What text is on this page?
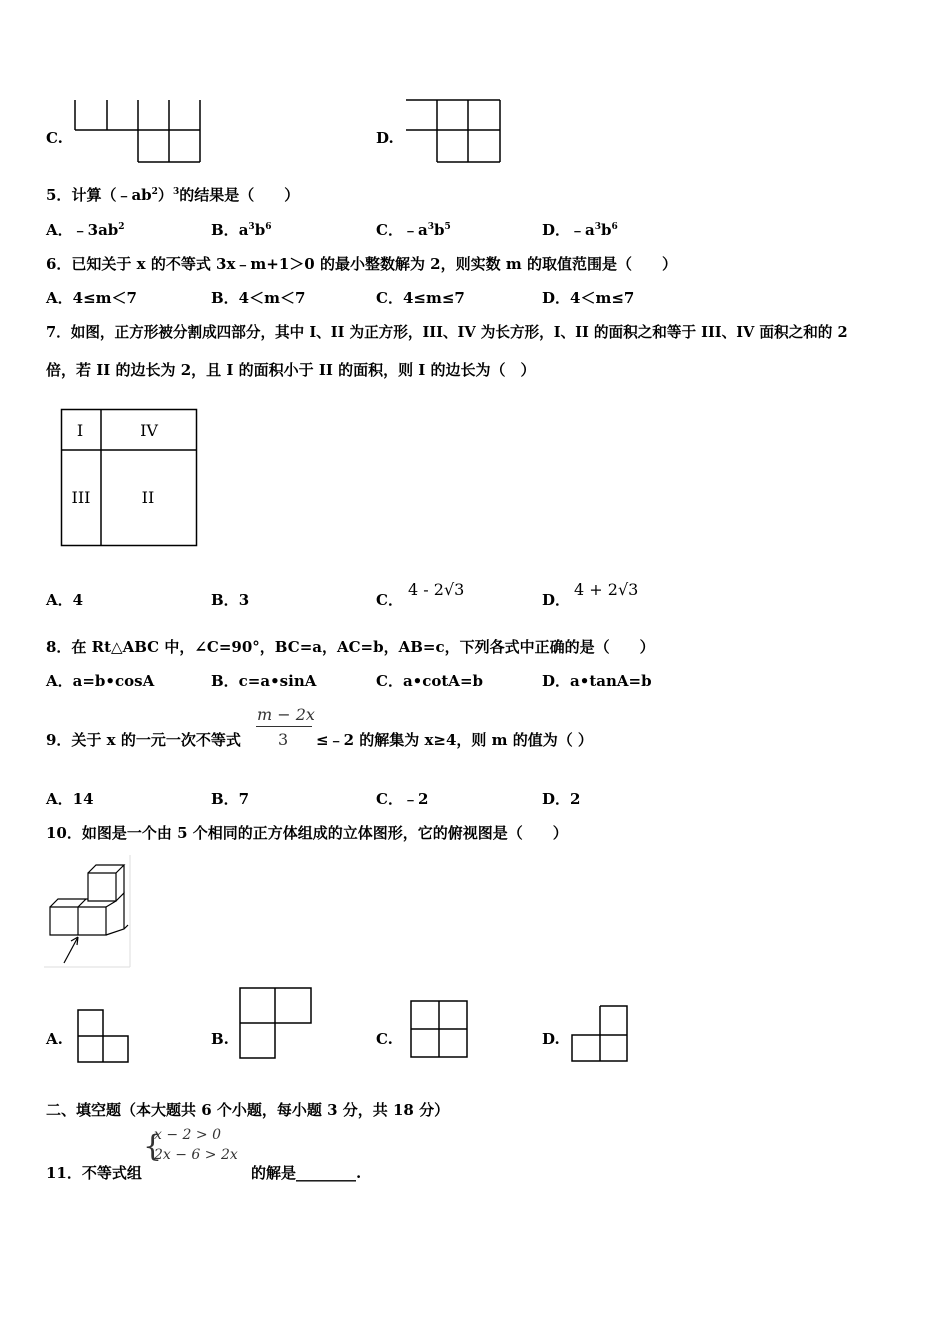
C.	D.
5．计算$(﹣ab^2)^3$的结果是（　　）
A．$﹣3ab^2$	B．$a^3b^6$	C．$﹣a^3b^5$	D．$﹣a^3b^6$
6．已知关于 x 的不等式 3x﹣m+1＞0 的最小整数解为 2，则实数 m 的取值范围是（　　）
A．4≤m＜7	B．4＜m＜7	C．4≤m≤7	D．4＜m≤7
7．如图，正方形被分割成四部分，其中 I、II 为正方形，III、IV 为长方形，I、II 的面积之和等于 III、IV 面积之和的 2
倍，若 II 的边长为 2，且 I 的面积小于 II 的面积，则 I 的边长为（　）
I	IV
III	II
A．4	B．3	C．
4 - 2√3
D．
4 + 2√3
8．在 Rt△ABC 中，∠C=90°，BC=a，AC=b，AB=c，下列各式中正确的是（　　）
A．a=b•cosA	B．c=a•sinA	C．a•cotA=b	D．a•tanA=b
9．关于 x 的一元一次不等式
m − 2x
3 ≤﹣2 的解集为 x≥4，则 m 的值为（ ）
A．14	B．7	C．﹣2	D．2
10．如图是一个由 5 个相同的正方体组成的立体图形，它的俯视图是（　　）
A.	B.	C.	D.
二、填空题（本大题共 6 个小题，每小题 3 分，共 18 分）
{
x − 2 > 0
2x − 6 > 2x
11．不等式组	的解是________.
